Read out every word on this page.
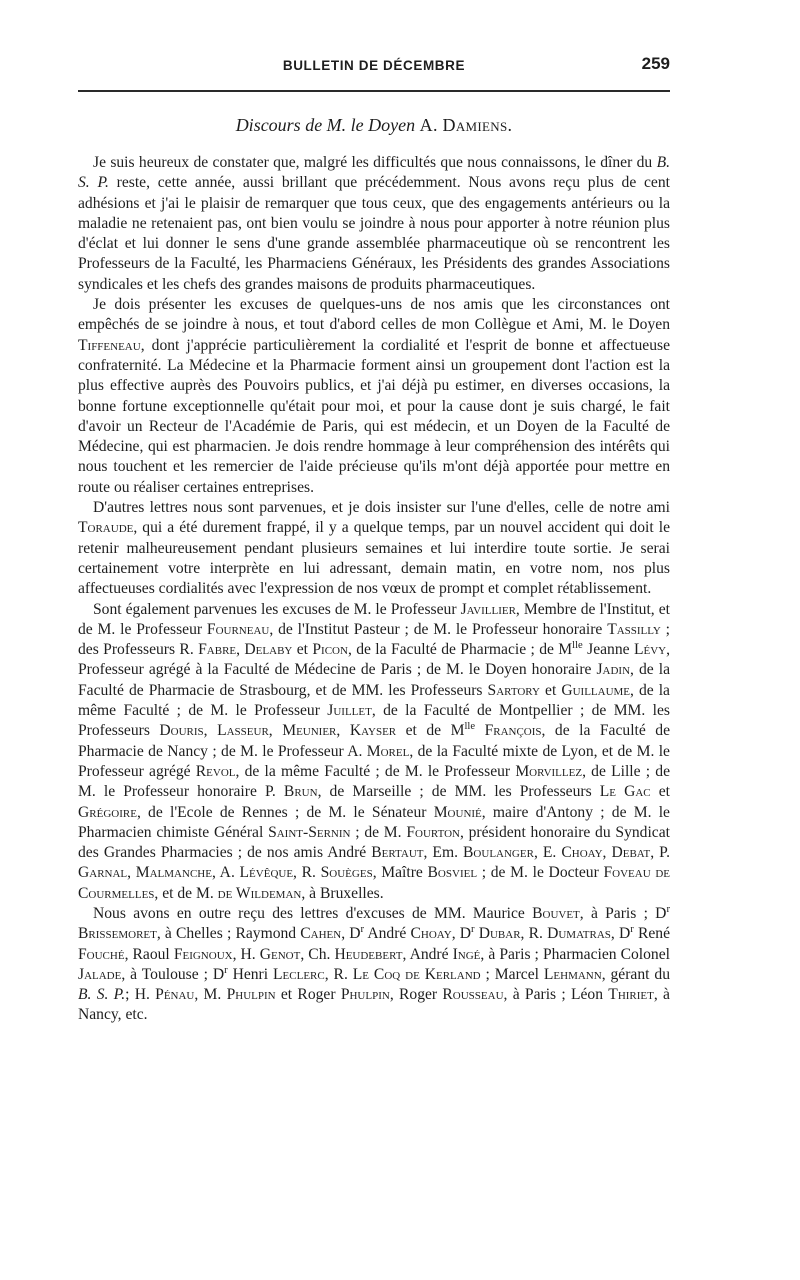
BULLETIN DE DÉCEMBRE	259
Discours de M. le Doyen A. Damiens.

Je suis heureux de constater que, malgré les difficultés que nous connaissons, le dîner du B. S. P. reste, cette année, aussi brillant que précédemment. Nous avons reçu plus de cent adhésions et j'ai le plaisir de remarquer que tous ceux, que des engagements antérieurs ou la maladie ne retenaient pas, ont bien voulu se joindre à nous pour apporter à notre réunion plus d'éclat et lui donner le sens d'une grande assemblée pharmaceutique où se rencontrent les Professeurs de la Faculté, les Pharmaciens Généraux, les Présidents des grandes Associations syndicales et les chefs des grandes maisons de produits pharmaceutiques.

Je dois présenter les excuses de quelques-uns de nos amis que les circonstances ont empêchés de se joindre à nous, et tout d'abord celles de mon Collègue et Ami, M. le Doyen Tiffeneau, dont j'apprécie particulièrement la cordialité et l'esprit de bonne et affectueuse confraternité. La Médecine et la Pharmacie forment ainsi un groupement dont l'action est la plus effective auprès des Pouvoirs publics, et j'ai déjà pu estimer, en diverses occasions, la bonne fortune exceptionnelle qu'était pour moi, et pour la cause dont je suis chargé, le fait d'avoir un Recteur de l'Académie de Paris, qui est médecin, et un Doyen de la Faculté de Médecine, qui est pharmacien. Je dois rendre hommage à leur compréhension des intérêts qui nous touchent et les remercier de l'aide précieuse qu'ils m'ont déjà apportée pour mettre en route ou réaliser certaines entreprises.

D'autres lettres nous sont parvenues, et je dois insister sur l'une d'elles, celle de notre ami Toraude, qui a été durement frappé, il y a quelque temps, par un nouvel accident qui doit le retenir malheureusement pendant plusieurs semaines et lui interdire toute sortie. Je serai certainement votre interprète en lui adressant, demain matin, en votre nom, nos plus affectueuses cordialités avec l'expression de nos vœux de prompt et complet rétablissement.

Sont également parvenues les excuses de M. le Professeur Javillier, Membre de l'Institut, et de M. le Professeur Fourneau, de l'Institut Pasteur ; de M. le Professeur honoraire Tassilly ; des Professeurs R. Fabre, Delaby et Picon, de la Faculté de Pharmacie ; de $M^{lle}$ Jeanne Lévy, Professeur agrégé à la Faculté de Médecine de Paris ; de M. le Doyen honoraire Jadin, de la Faculté de Pharmacie de Strasbourg, et de MM. les Professeurs Sartory et Guillaume, de la même Faculté ; de M. le Professeur Juillet, de la Faculté de Montpellier ; de MM. les Professeurs Douris, Lasseur, Meunier, Kayser et de $M^{lle}$ François, de la Faculté de Pharmacie de Nancy ; de M. le Professeur A. Morel, de la Faculté mixte de Lyon, et de M. le Professeur agrégé Revol, de la même Faculté ; de M. le Professeur Morvillez, de Lille ; de M. le Professeur honoraire P. Brun, de Marseille ; de MM. les Professeurs Le Gac et Grégoire, de l'Ecole de Rennes ; de M. le Sénateur Mounié, maire d'Antony ; de M. le Pharmacien chimiste Général Saint-Sernin ; de M. Fourton, président honoraire du Syndicat des Grandes Pharmacies ; de nos amis André Bertaut, Em. Boulanger, E. Choay, Debat, P. Garnal, Malmanche, A. Lévêque, R. Souèges, Maître Bosviel ; de M. le Docteur Foveau de Courmelles, et de M. de Wildeman, à Bruxelles.

Nous avons en outre reçu des lettres d'excuses de MM. Maurice Bouvet, à Paris ; $D^r$ Brissemoret, à Chelles ; Raymond Cahen, $D^r$ André Choay, $D^r$ Dubar, R. Dumatras, $D^r$ René Fouché, Raoul Feignoux, H. Genot, Ch. Heudebert, André Ingé, à Paris ; Pharmacien Colonel Jalade, à Toulouse ; $D^r$ Henri Leclerc, R. Le Coq de Kerland ; Marcel Lehmann, gérant du B. S. P.; H. Pénau, M. Phulpin et Roger Phulpin, Roger Rousseau, à Paris ; Léon Thiriet, à Nancy, etc.
